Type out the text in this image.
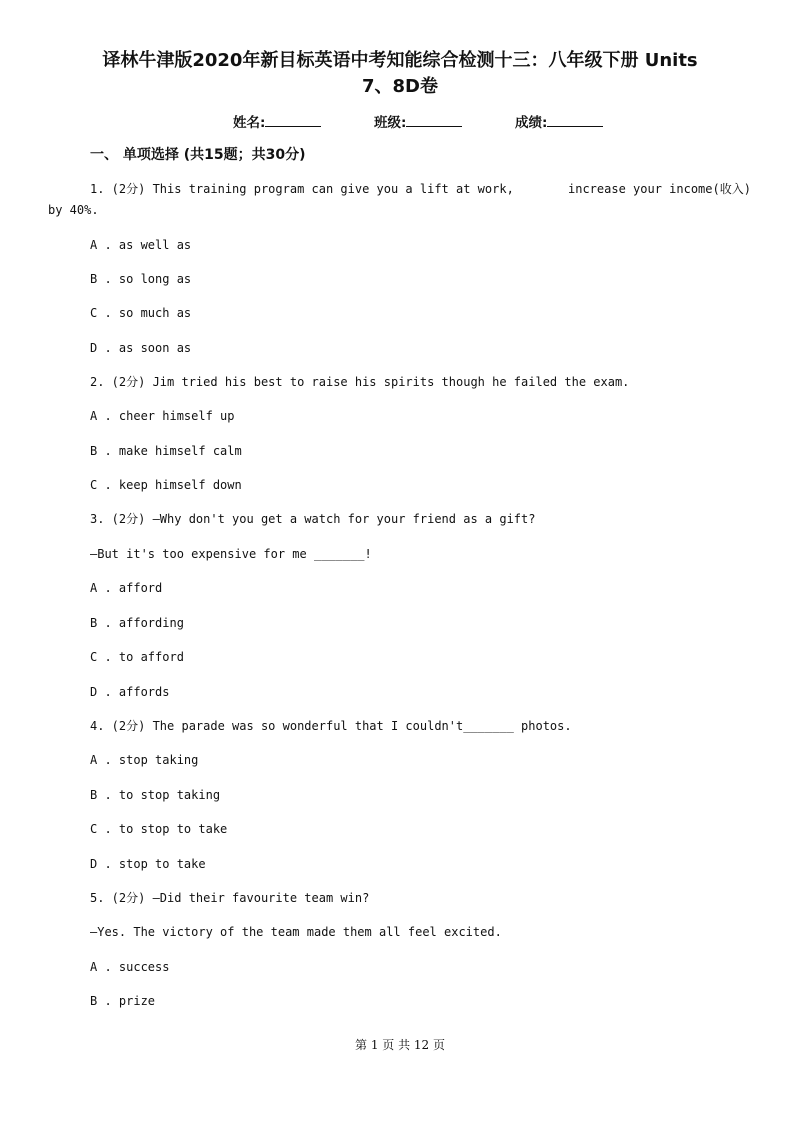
译林牛津版2020年新目标英语中考知能综合检测十三：八年级下册 Units
7、8D卷
姓名:	班级:	成绩:
一、 单项选择 (共15题；共30分)
1. (2分) This training program can give you a lift at work,	increase your income(收入)
by 40%.
A . as well as
B . so long as
C . so much as
D . as soon as
2. (2分) Jim tried his best to raise his spirits though he failed the exam.
A . cheer himself up
B . make himself calm
C . keep himself down
3. (2分) —Why don't you get a watch for your friend as a gift?
—But it's too expensive for me _______!
A . afford
B . affording
C . to afford
D . affords
4. (2分) The parade was so wonderful that I couldn't_______ photos.
A . stop taking
B . to stop taking
C . to stop to take
D . stop to take
5. (2分) —Did their favourite team win?
—Yes. The victory of the team made them all feel excited.
A . success
B . prize
第 1 页 共 12 页
